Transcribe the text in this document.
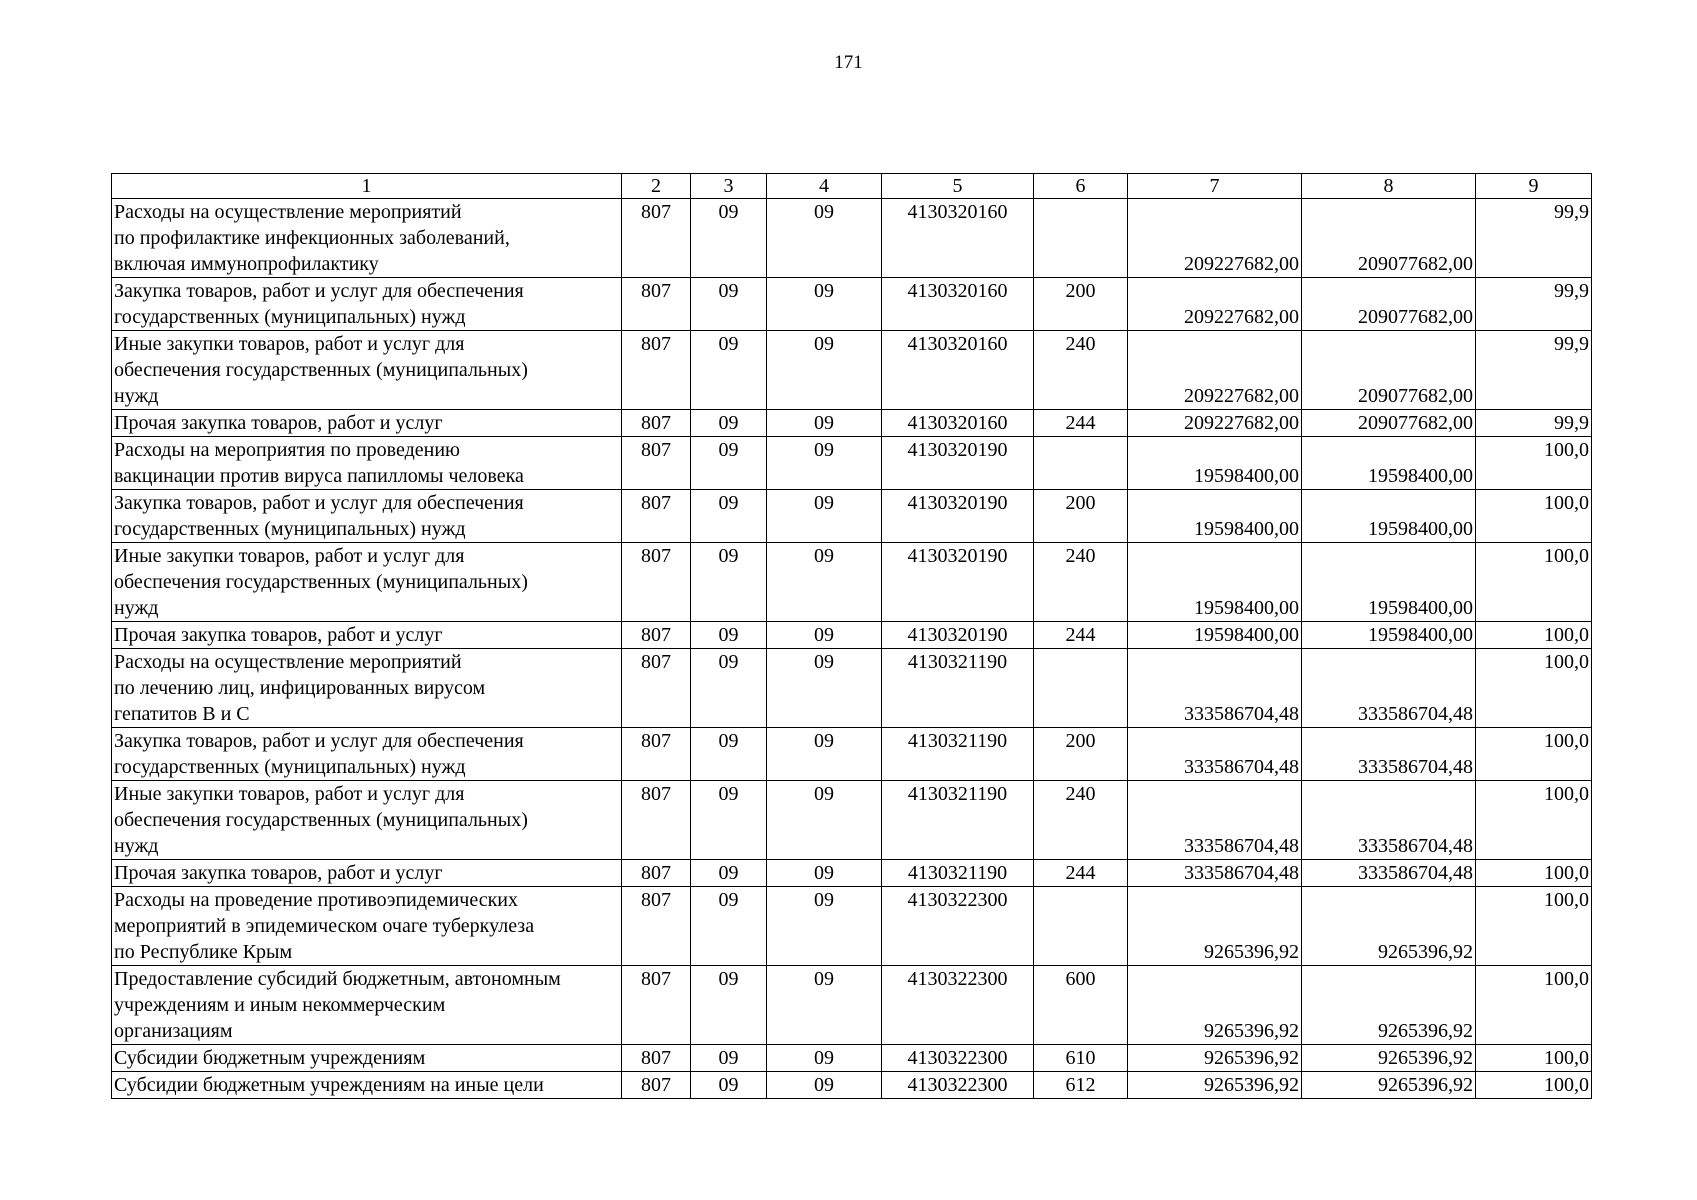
171
1	2	3	4	5	6	7	8	9

Расходы на осуществление мероприятий
по профилактике инфекционных заболеваний,
включая иммунопрофилактику	807	09	09	4130320160		209227682,00	209077682,00	99,9

Закупка товаров, работ и услуг для обеспечения
государственных (муниципальных) нужд	807	09	09	4130320160	200	209227682,00	209077682,00	99,9

Иные закупки товаров, работ и услуг для
обеспечения государственных (муниципальных)
нужд	807	09	09	4130320160	240	209227682,00	209077682,00	99,9

Прочая закупка товаров, работ и услуг	807	09	09	4130320160	244	209227682,00	209077682,00	99,9

Расходы на мероприятия по проведению
вакцинации против вируса папилломы человека	807	09	09	4130320190		19598400,00	19598400,00	100,0

Закупка товаров, работ и услуг для обеспечения
государственных (муниципальных) нужд	807	09	09	4130320190	200	19598400,00	19598400,00	100,0

Иные закупки товаров, работ и услуг для
обеспечения государственных (муниципальных)
нужд	807	09	09	4130320190	240	19598400,00	19598400,00	100,0

Прочая закупка товаров, работ и услуг	807	09	09	4130320190	244	19598400,00	19598400,00	100,0

Расходы на осуществление мероприятий
по лечению лиц, инфицированных вирусом
гепатитов В и С	807	09	09	4130321190		333586704,48	333586704,48	100,0

Закупка товаров, работ и услуг для обеспечения
государственных (муниципальных) нужд	807	09	09	4130321190	200	333586704,48	333586704,48	100,0

Иные закупки товаров, работ и услуг для
обеспечения государственных (муниципальных)
нужд	807	09	09	4130321190	240	333586704,48	333586704,48	100,0

Прочая закупка товаров, работ и услуг	807	09	09	4130321190	244	333586704,48	333586704,48	100,0

Расходы на проведение противоэпидемических
мероприятий в эпидемическом очаге туберкулеза
по Республике Крым	807	09	09	4130322300		9265396,92	9265396,92	100,0

Предоставление субсидий бюджетным, автономным
учреждениям и иным некоммерческим
организациям	807	09	09	4130322300	600	9265396,92	9265396,92	100,0

Субсидии бюджетным учреждениям	807	09	09	4130322300	610	9265396,92	9265396,92	100,0

Субсидии бюджетным учреждениям на иные цели	807	09	09	4130322300	612	9265396,92	9265396,92	100,0
